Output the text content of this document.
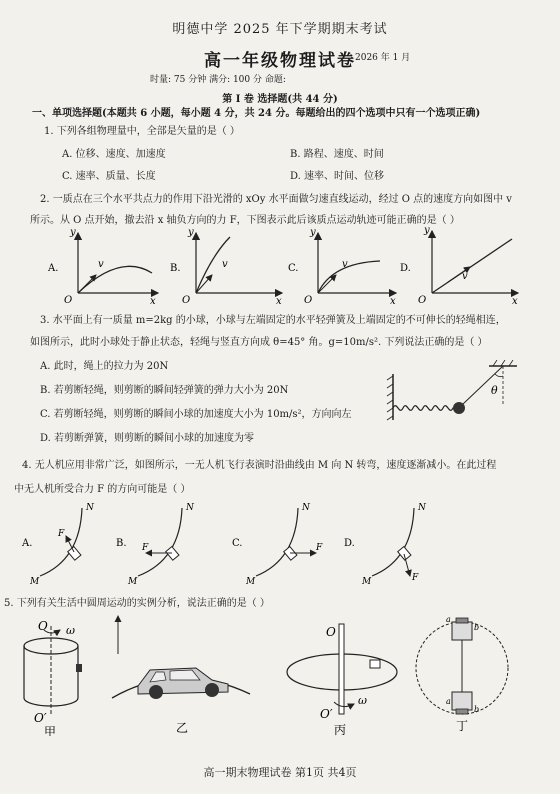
明德中学 2025 年下学期期末考试
高一年级物理试卷 2026 年 1 月
时量: 75 分钟 满分: 100 分 命题:
第 I 卷 选择题(共 44 分)
一、单项选择题(本题共 6 小题，每小题 4 分，共 24 分。每题给出的四个选项中只有一个选项正确)
1. 下列各组物理量中，全部是矢量的是（ ）
A. 位移、速度、加速度	B. 路程、速度、时间
C. 速率、质量、长度	D. 速率、时间、位移
2. 一质点在三个水平共点力的作用下沿光滑的 xOy 水平面做匀速直线运动，经过 O 点的速度方向如图中 v
所示。从 O 点开始，撤去沿 x 轴负方向的力 F，下图表示此后该质点运动轨迹可能正确的是（ ）
A.
y
x
O
v	B.
y
x
O
v	C.
y
x
O
v	D.
y
x
O
v
3. 水平面上有一质量 m=2kg 的小球，小球与左端固定的水平轻弹簧及上端固定的不可伸长的轻绳相连，
如图所示，此时小球处于静止状态，轻绳与竖直方向成 θ=45° 角。g=10m/s². 下列说法正确的是（ ）
A. 此时，绳上的拉力为 20N
B. 若剪断轻绳，则剪断的瞬间轻弹簧的弹力大小为 20N
C. 若剪断轻绳，则剪断的瞬间小球的加速度大小为 10m/s²，方向向左
D. 若剪断弹簧，则剪断的瞬间小球的加速度为零
θ
4. 无人机应用非常广泛，如图所示，一无人机飞行表演时沿曲线由 M 向 N 转弯，速度逐渐减小。在此过程
中无人机所受合力 F 的方向可能是（ ）
A.
F
M
N
B. F
M
N
C.	F
M
N
D.
F
M
N
5. 下列有关生活中圆周运动的实例分析，说法正确的是（ ）
O ω
O′
甲	乙
O
ω
O′
丙
a
b
a
b
丁
高一期末物理试卷 第1页 共4页
